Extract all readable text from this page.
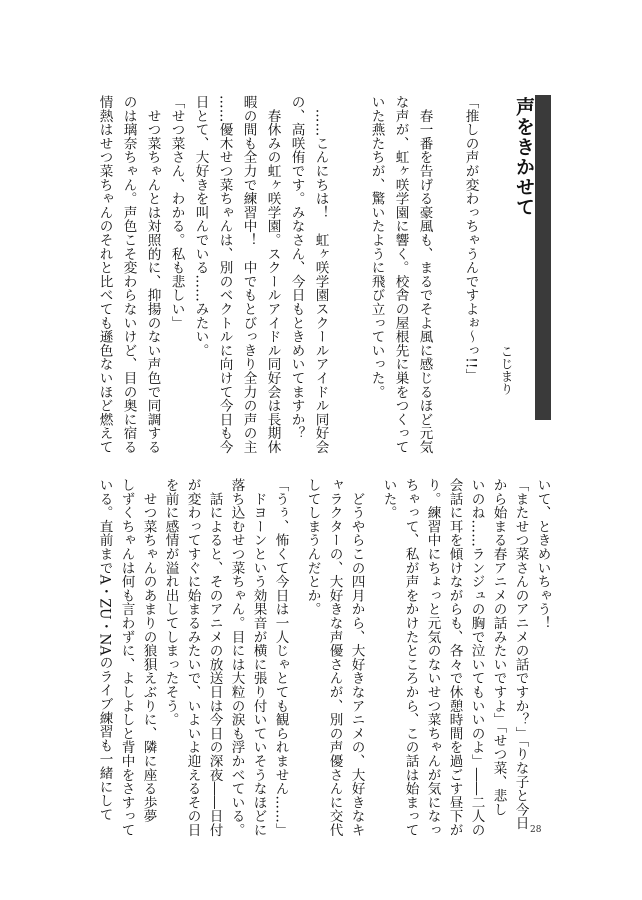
声をきかせて
こじまり
「推しの声が変わっちゃうんですよぉ〜っ!!」
　春一番を告げる豪風も、まるでそよ風に感じるほど元気
な声が、虹ヶ咲学園に響く。校舎の屋根先に巣をつくって
いた燕たちが、驚いたように飛び立っていった。
　……こんにちは！　虹ヶ咲学園スクールアイドル同好会
の、高咲侑です。みなさん、今日もときめいてますか？
　春休みの虹ヶ咲学園。スクールアイドル同好会は長期休
暇の間も全力で練習中！　中でもとびっきり全力の声の主
……優木せつ菜ちゃんは、別のベクトルに向けて今日も今
日とて、大好きを叫んでいる……みたい。
「せつ菜さん、わかる。私も悲しい」
　せつ菜ちゃんとは対照的に、抑揚のない声色で同調する
のは璃奈ちゃん。声色こそ変わらないけど、目の奥に宿る
情熱はせつ菜ちゃんのそれと比べても遜色ないほど燃えて
いて、ときめいちゃう！
「またせつ菜さんのアニメの話ですか？」「りな子と今日
から始まる春アニメの話みたいですよ」「せつ菜、悲し
いのね……ランジュの胸で泣いてもいいのよ」――二人の
会話に耳を傾けながらも、各々で休憩時間を過ごす昼下が
り。練習中にちょっと元気のないせつ菜ちゃんが気になっ
ちゃって、私が声をかけたところから、この話は始まって
いた。
　どうやらこの四月から、大好きなアニメの、大好きなキ
ャラクターの、大好きな声優さんが、別の声優さんに交代
してしまうんだとか。
「うぅ、怖くて今日は一人じゃとても観られません……」
　ドヨーンという効果音が横に張り付いていそうなほどに
落ち込むせつ菜ちゃん。目には大粒の涙も浮かべている。
　話によると、そのアニメの放送日は今日の深夜――日付
が変わってすぐに始まるみたいで、いよいよ迎えるその日
を前に感情が溢れ出してしまったそう。
　せつ菜ちゃんのあまりの狼狽えぶりに、隣に座る歩夢
しずくちゃんは何も言わずに、よしよしと背中をさすって
いる。直前までA・ZU・NAのライブ練習も一緒にして
28
